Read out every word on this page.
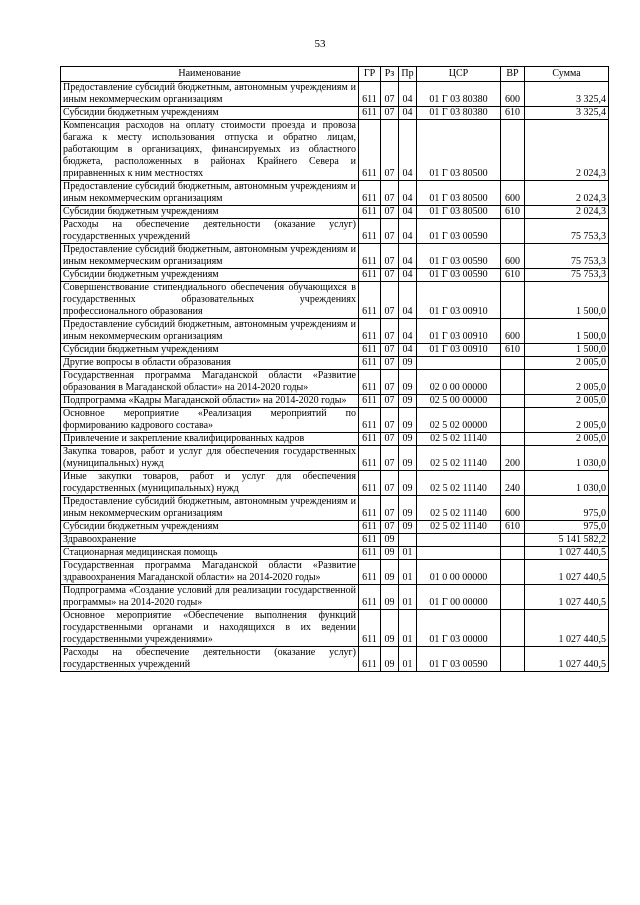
53
Наименование	ГР	Рз	Пр	ЦСР	ВР	Сумма
Предоставление субсидий бюджетным, автономным учреждениям и иным некоммерческим организациям	611	07	04	01 Г 03 80380	600	3 325,4
Субсидии бюджетным учреждениям	611	07	04	01 Г 03 80380	610	3 325,4
Компенсация расходов на оплату стоимости проезда и провоза багажа к месту использования отпуска и обратно лицам, работающим в организациях, финансируемых из областного бюджета, расположенных в районах Крайнего Севера и приравненных к ним местностях	611	07	04	01 Г 03 80500		2 024,3
Предоставление субсидий бюджетным, автономным учреждениям и иным некоммерческим организациям	611	07	04	01 Г 03 80500	600	2 024,3
Субсидии бюджетным учреждениям	611	07	04	01 Г 03 80500	610	2 024,3
Расходы на обеспечение деятельности (оказание услуг) государственных учреждений	611	07	04	01 Г 03 00590		75 753,3
Предоставление субсидий бюджетным, автономным учреждениям и иным некоммерческим организациям	611	07	04	01 Г 03 00590	600	75 753,3
Субсидии бюджетным учреждениям	611	07	04	01 Г 03 00590	610	75 753,3
Совершенствование стипендиального обеспечения обучающихся в государственных образовательных учреждениях профессионального образования	611	07	04	01 Г 03 00910		1 500,0
Предоставление субсидий бюджетным, автономным учреждениям и иным некоммерческим организациям	611	07	04	01 Г 03 00910	600	1 500,0
Субсидии бюджетным учреждениям	611	07	04	01 Г 03 00910	610	1 500,0
Другие вопросы в области образования	611	07	09			2 005,0
Государственная программа Магаданской области «Развитие образования в Магаданской области» на 2014-2020 годы»	611	07	09	02 0 00 00000		2 005,0
Подпрограмма «Кадры Магаданской области» на 2014-2020 годы»	611	07	09	02 5 00 00000		2 005,0
Основное мероприятие «Реализация мероприятий по формированию кадрового состава»	611	07	09	02 5 02 00000		2 005,0
Привлечение и закрепление квалифицированных кадров	611	07	09	02 5 02 11140		2 005,0
Закупка товаров, работ и услуг для обеспечения государственных (муниципальных) нужд	611	07	09	02 5 02 11140	200	1 030,0
Иные закупки товаров, работ и услуг для обеспечения государственных (муниципальных) нужд	611	07	09	02 5 02 11140	240	1 030,0
Предоставление субсидий бюджетным, автономным учреждениям и иным некоммерческим организациям	611	07	09	02 5 02 11140	600	975,0
Субсидии бюджетным учреждениям	611	07	09	02 5 02 11140	610	975,0
Здравоохранение	611	09				5 141 582,2
Стационарная медицинская помощь	611	09	01			1 027 440,5
Государственная программа Магаданской области «Развитие здравоохранения Магаданской области» на 2014-2020 годы»	611	09	01	01 0 00 00000		1 027 440,5
Подпрограмма «Создание условий для реализации государственной программы» на 2014-2020 годы»	611	09	01	01 Г 00 00000		1 027 440,5
Основное мероприятие «Обеспечение выполнения функций государственными органами и находящихся в их ведении государственными учреждениями»	611	09	01	01 Г 03 00000		1 027 440,5
Расходы на обеспечение деятельности (оказание услуг) государственных учреждений	611	09	01	01 Г 03 00590		1 027 440,5
